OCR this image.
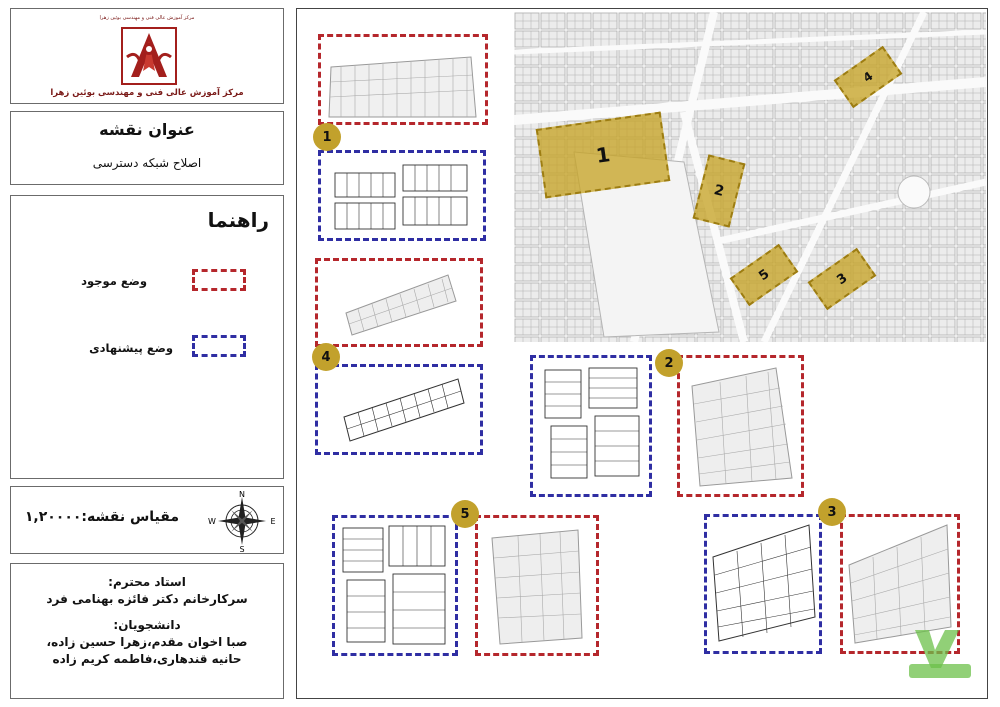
مرکز آموزش عالی فنی و مهندسی بوئین زهرا
مرکز آموزش عالی فنی و مهندسی بوئین زهرا
عنوان نقشه
اصلاح شبکه دسترسی
راهنما
وضع موجود
وضع پیشنهادی
مقیاس نقشه:۱,۲۰۰۰۰
N
S
E
W
استاد محترم:
سرکارخانم دکتر فائزه بهنامی فرد
دانشجویان:
صبا اخوان مقدم،زهرا حسین زاده،
حانیه قندهاری،فاطمه کریم زاده
1
2
3
4
5
1
4	2
5	3
